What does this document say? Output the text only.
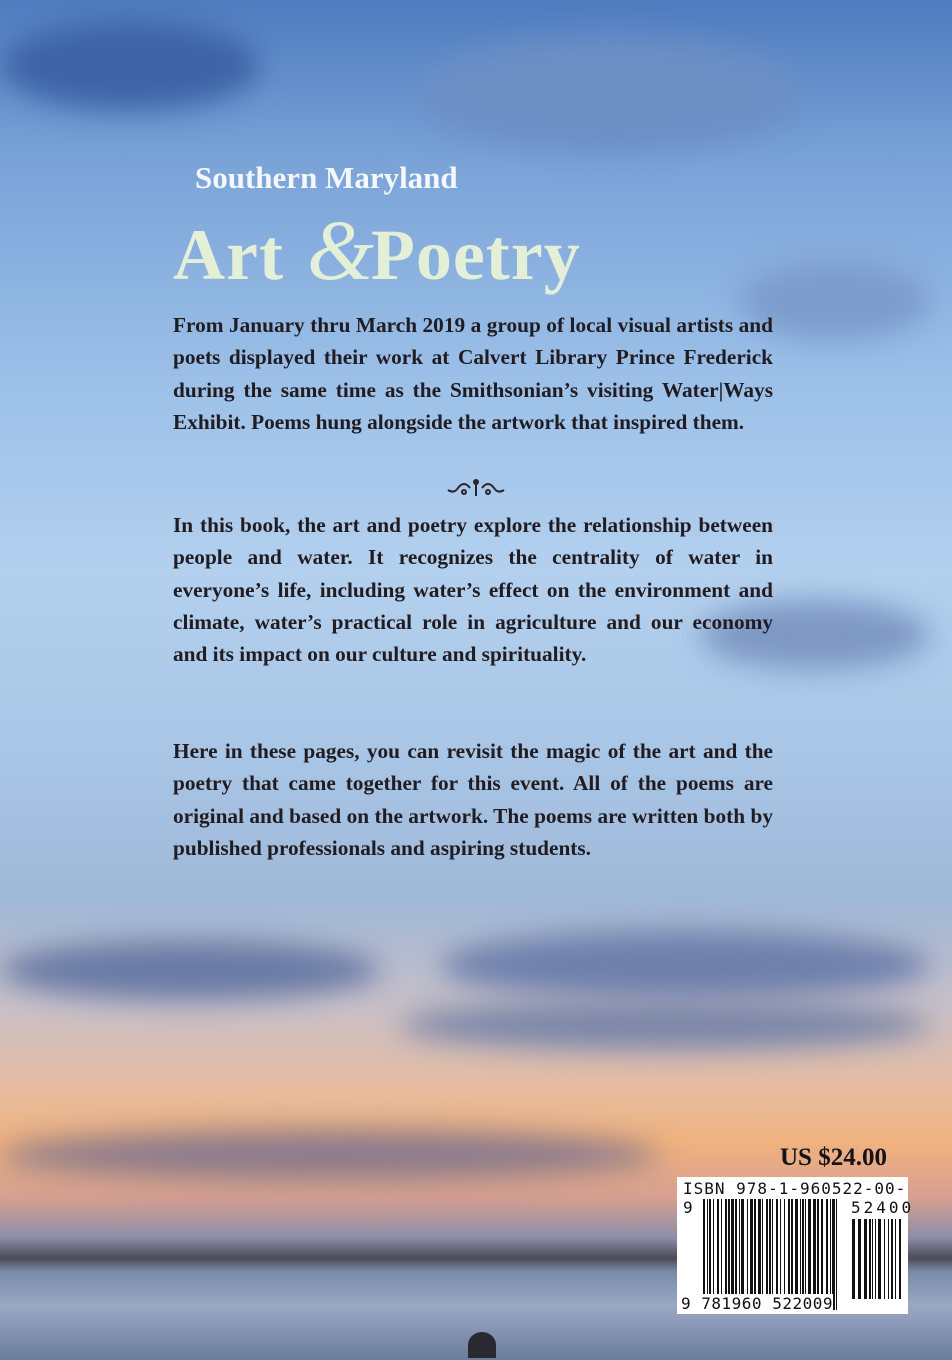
Southern Maryland
Art &Poetry
From January thru March 2019 a group of local visual artists and poets displayed their work at Calvert Library Prince Frederick during the same time as the Smithsonian’s visiting Water|Ways Exhibit. Poems hung alongside the artwork that inspired them.
In this book, the art and poetry explore the relationship between people and water. It recognizes the centrality of water in everyone’s life, including water’s effect on the environment and climate, water’s practical role in agriculture and our economy and its impact on our culture and spirituality.
Here in these pages, you can revisit the magic of the art and the poetry that came together for this event. All of the poems are original and based on the artwork. The poems are written both by published professionals and aspiring students.
US $24.00
ISBN 978-1-960522-00-9	52400
9 781960 522009
